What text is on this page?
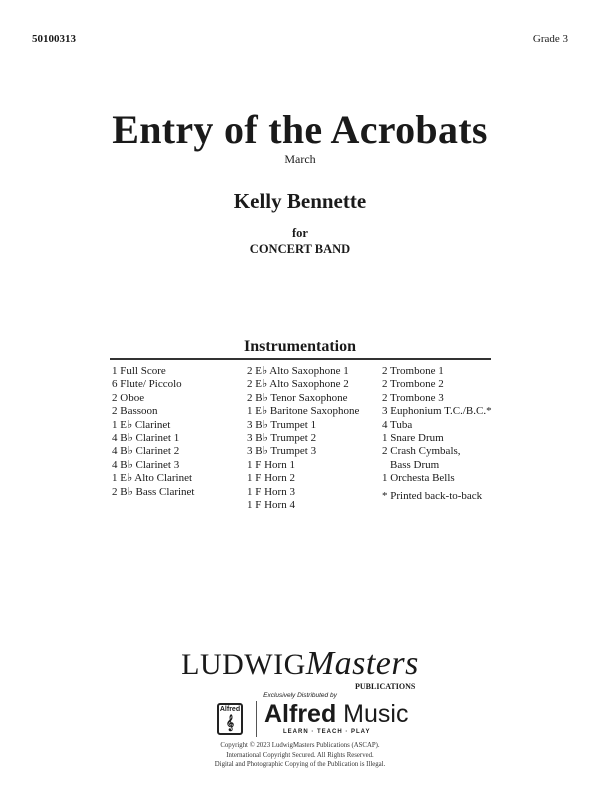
50100313	Grade 3
Entry of the Acrobats
March
Kelly Bennette
for
CONCERT BAND
Instrumentation
1 Full Score
6 Flute/ Piccolo
2 Oboe
2 Bassoon
1 E♭ Clarinet
4 B♭ Clarinet 1
4 B♭ Clarinet 2
4 B♭ Clarinet 3
1 E♭ Alto Clarinet
2 B♭ Bass Clarinet
2 E♭ Alto Saxophone 1
2 E♭ Alto Saxophone 2
2 B♭ Tenor Saxophone
1 E♭ Baritone Saxophone
3 B♭ Trumpet 1
3 B♭ Trumpet 2
3 B♭ Trumpet 3
1 F Horn 1
1 F Horn 2
1 F Horn 3
1 F Horn 4
2 Trombone 1
2 Trombone 2
2 Trombone 3
3 Euphonium T.C./B.C.*
4 Tuba
1 Snare Drum
2 Crash Cymbals,
Bass Drum
1 Orchesta Bells
* Printed back-to-back
LUDWIGMasters
PUBLICATIONS
Exclusively Distributed by
Alfred
𝄞	Alfred Music
LEARN · TEACH · PLAY
Copyright © 2023 LudwigMasters Publications (ASCAP).
International Copyright Secured. All Rights Reserved.
Digital and Photographic Copying of the Publication is Illegal.
